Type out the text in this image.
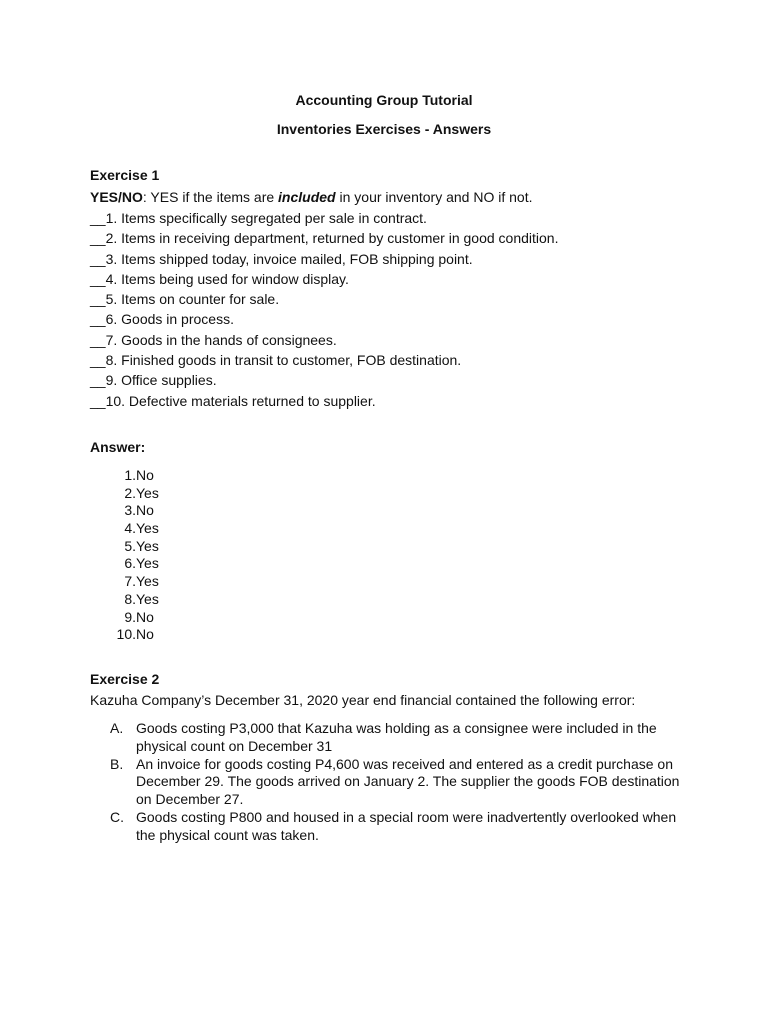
Accounting Group Tutorial
Inventories Exercises - Answers
Exercise 1
YES/NO: YES if the items are included in your inventory and NO if not.
__1. Items specifically segregated per sale in contract.
__2. Items in receiving department, returned by customer in good condition.
__3. Items shipped today, invoice mailed, FOB shipping point.
__4. Items being used for window display.
__5. Items on counter for sale.
__6. Goods in process.
__7. Goods in the hands of consignees.
__8. Finished goods in transit to customer, FOB destination.
__9. Office supplies.
__10. Defective materials returned to supplier.
Answer:
1. No
2. Yes
3. No
4. Yes
5. Yes
6. Yes
7. Yes
8. Yes
9. No
10. No
Exercise 2
Kazuha Company’s December 31, 2020 year end financial contained the following error:
A. Goods costing P3,000 that Kazuha was holding as a consignee were included in the physical count on December 31
B. An invoice for goods costing P4,600 was received and entered as a credit purchase on December 29. The goods arrived on January 2. The supplier the goods FOB destination on December 27.
C. Goods costing P800 and housed in a special room were inadvertently overlooked when the physical count was taken.
